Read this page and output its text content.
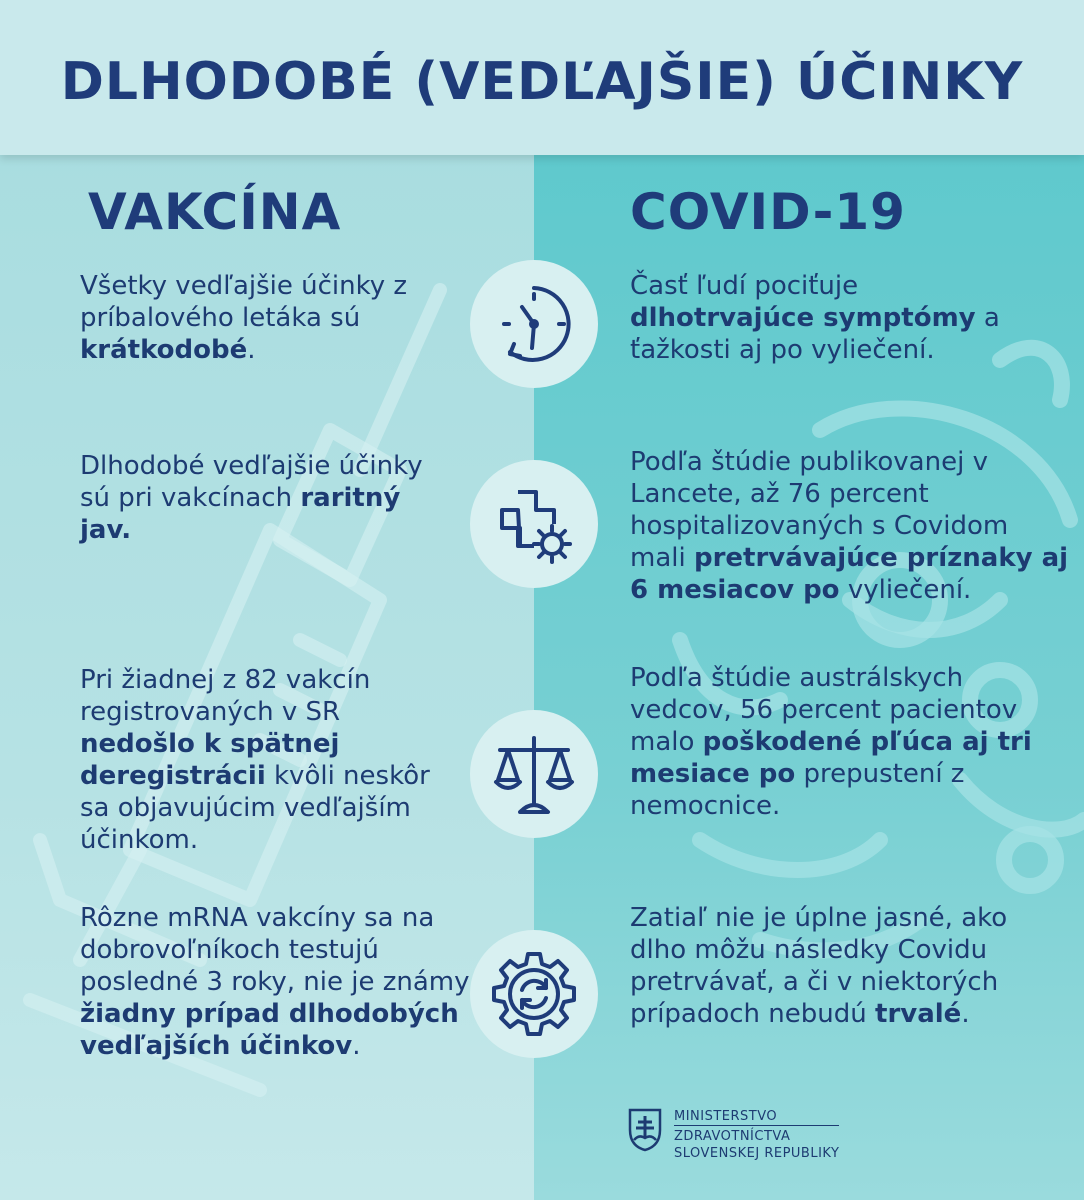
DLHODOBÉ (VEDĽAJŠIE) ÚČINKY
VAKCÍNA	COVID-19

Všetky vedľajšie účinky z príbalového letáka sú krátkodobé.

Dlhodobé vedľajšie účinky sú pri vakcínach raritný jav.

Pri žiadnej z 82 vakcín registrovaných v SR nedošlo k spätnej deregistrácii kvôli neskôr sa objavujúcim vedľajším účinkom.

Rôzne mRNA vakcíny sa na dobrovoľníkoch testujú posledné 3 roky, nie je známy žiadny prípad dlhodobých vedľajších účinkov.

Časť ľudí pociťuje dlhotrvajúce symptómy a ťažkosti aj po vyliečení.

Podľa štúdie publikovanej v Lancete, až 76 percent hospitalizovaných s Covidom mali pretrvávajúce príznaky aj 6 mesiacov po vyliečení.

Podľa štúdie austrálskych vedcov, 56 percent pacientov malo poškodené pľúca aj tri mesiace po prepustení z nemocnice.

Zatiaľ nie je úplne jasné, ako dlho môžu následky Covidu pretrvávať, a či v niektorých prípadoch nebudú trvalé.

MINISTERSTVO
ZDRAVOTNÍCTVA
SLOVENSKEJ REPUBLIKY
